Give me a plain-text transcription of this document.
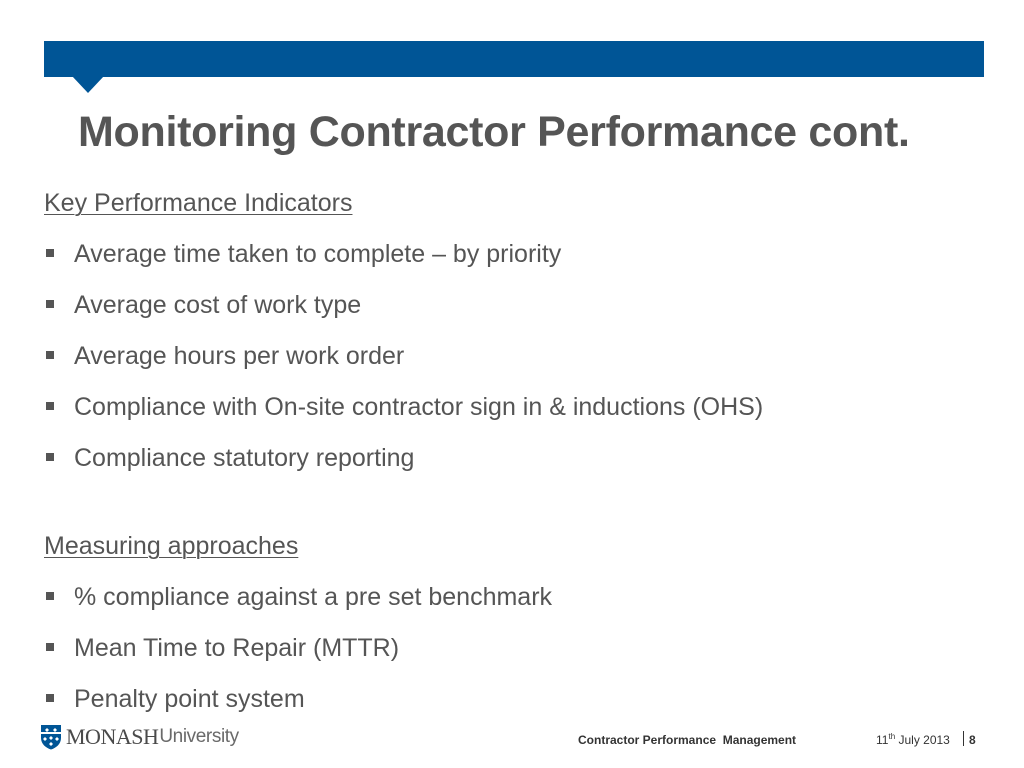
Monitoring Contractor Performance cont.
Key Performance Indicators
Average time taken to complete – by priority
Average cost of work type
Average hours per work order
Compliance with On-site contractor sign in & inductions (OHS)
Compliance statutory reporting
Measuring approaches
% compliance against a pre set benchmark
Mean Time to Repair (MTTR)
Penalty point system
MONASH University	Contractor Performance  Management	11th July 2013 8
